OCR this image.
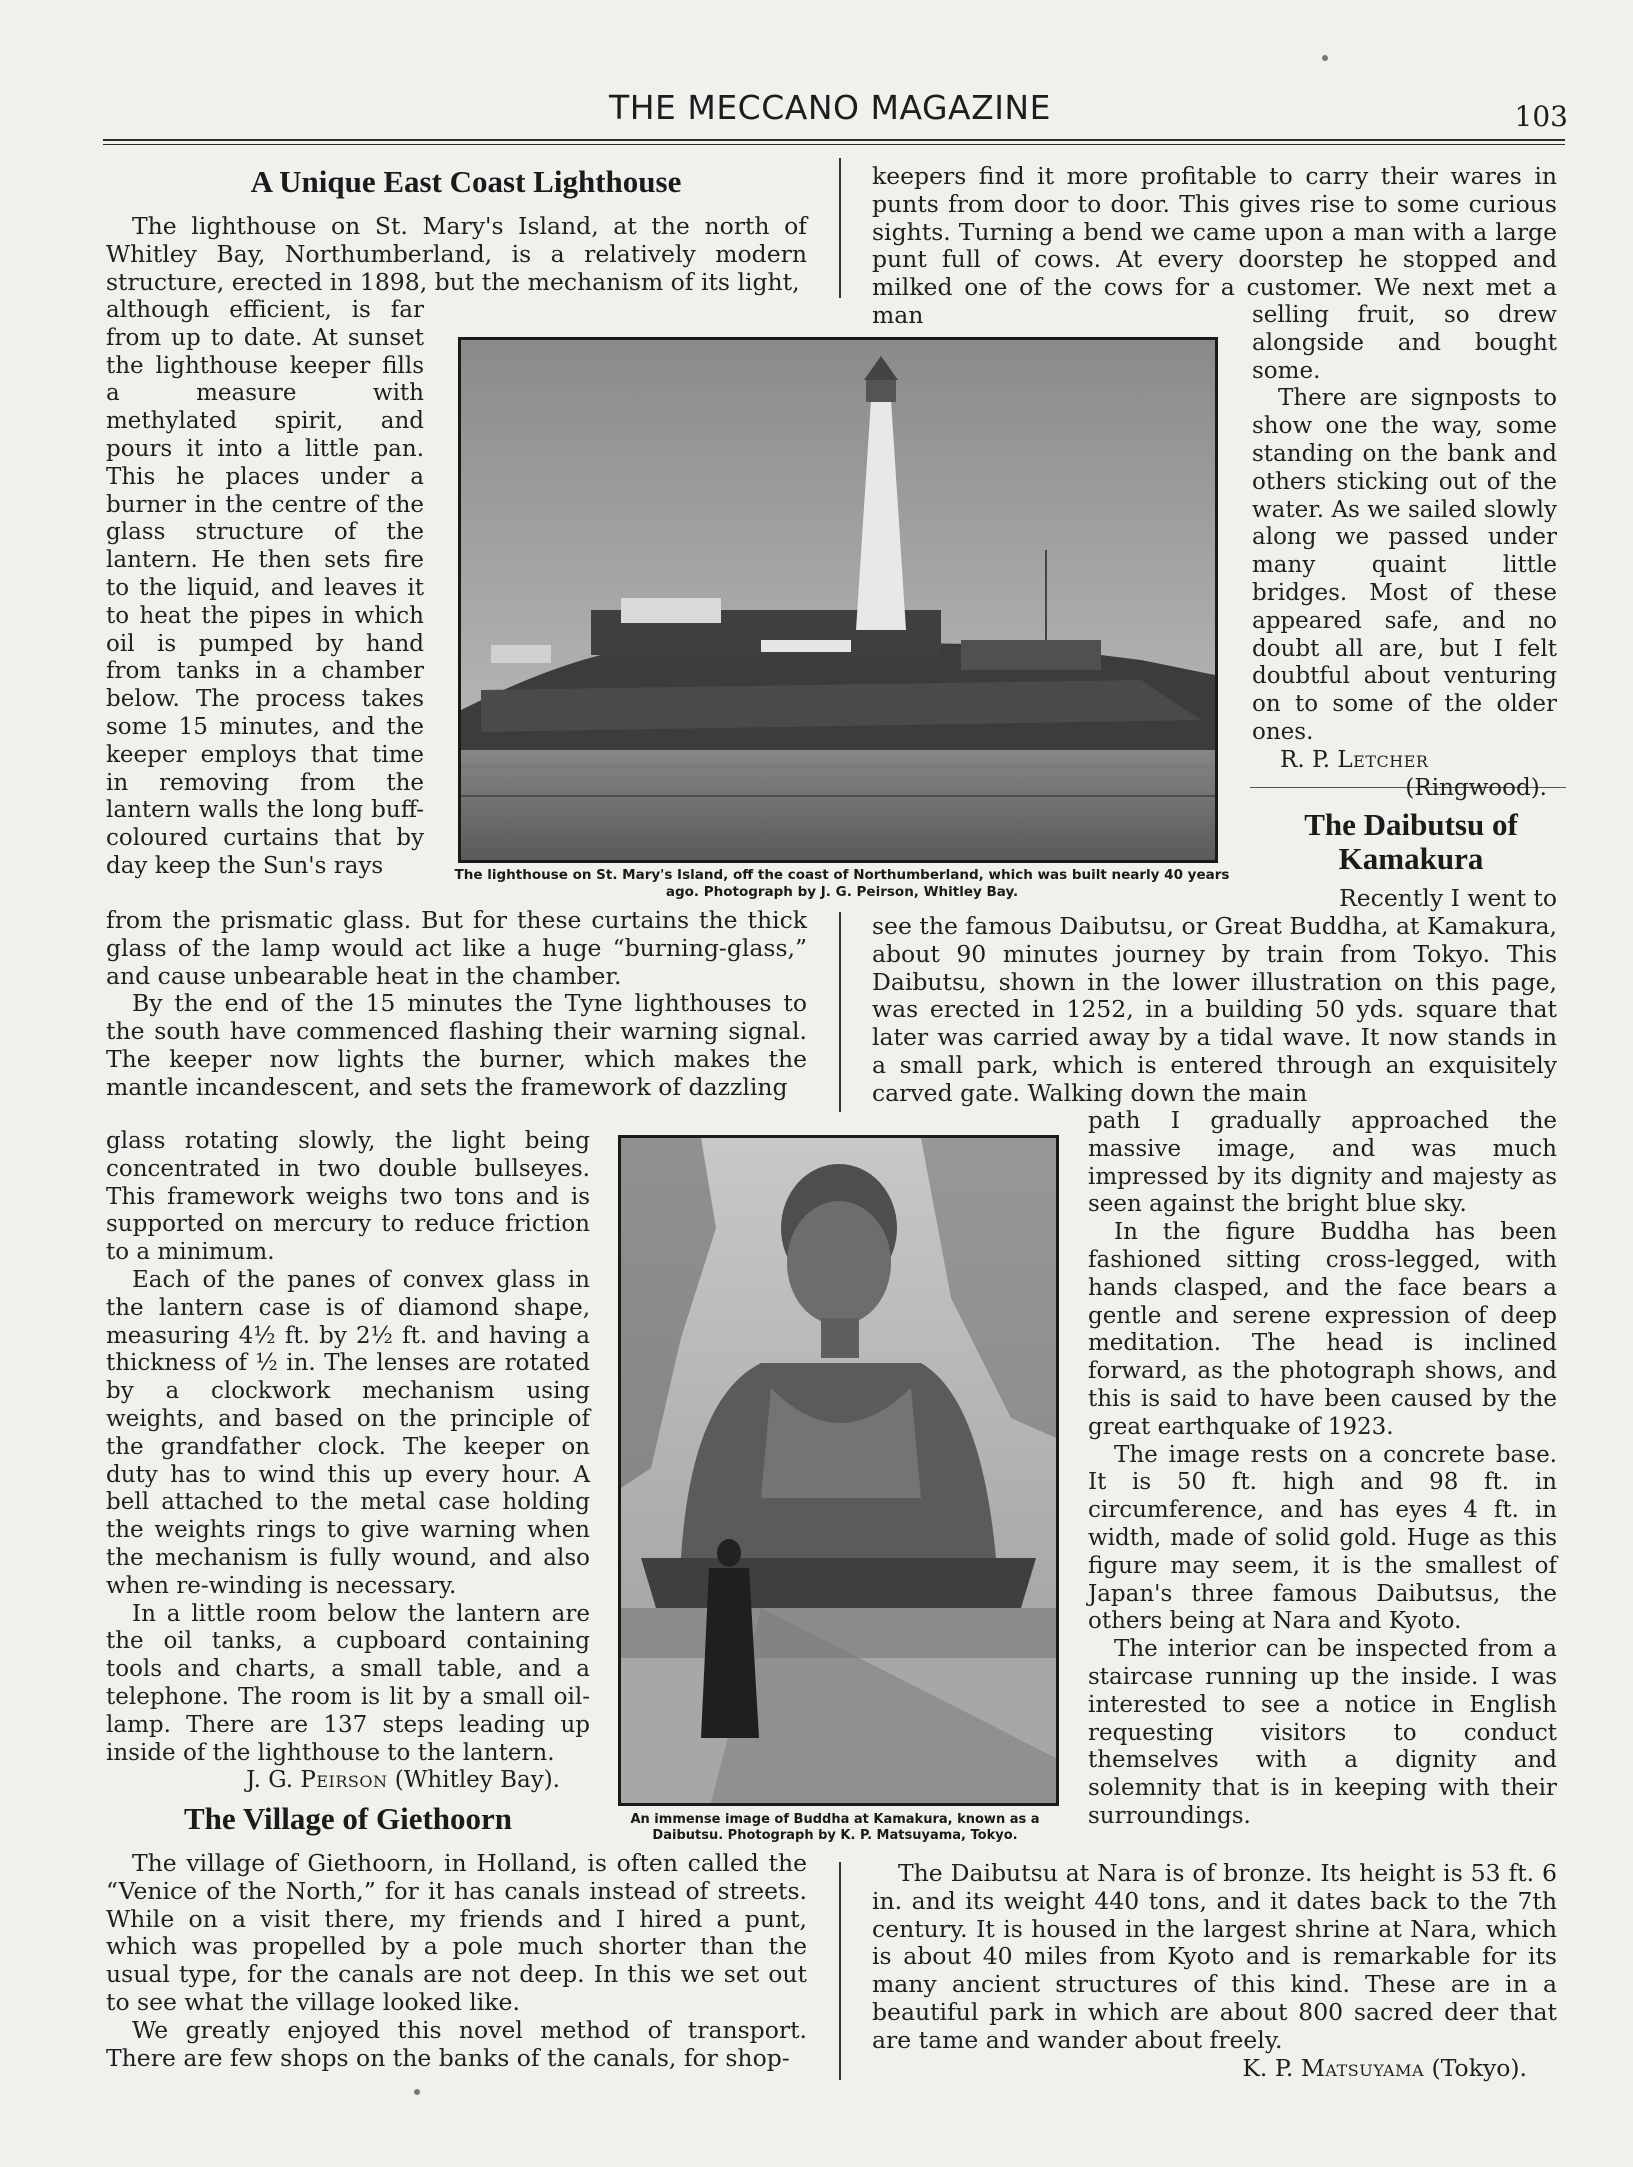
THE MECCANO MAGAZINE	103
A Unique East Coast Lighthouse

The lighthouse on St. Mary's Island, at the north of Whitley Bay, Northumberland, is a relatively modern structure, erected in 1898, but the mechanism of its light,

although efficient, is far from up to date. At sunset the lighthouse keeper fills a measure with methylated spirit, and pours it into a little pan. This he places under a burner in the centre of the glass structure of the lantern. He then sets fire to the liquid, and leaves it to heat the pipes in which oil is pumped by hand from tanks in a chamber below. The process takes some 15 minutes, and the keeper employs that time in removing from the lantern walls the long buff-coloured curtains that by day keep the Sun's rays

from the prismatic glass. But for these curtains the thick glass of the lamp would act like a huge “burning-glass,” and cause unbearable heat in the chamber.

By the end of the 15 minutes the Tyne lighthouses to the south have commenced flashing their warning signal. The keeper now lights the burner, which makes the mantle incandescent, and sets the framework of dazzling

glass rotating slowly, the light being concentrated in two double bullseyes. This framework weighs two tons and is supported on mercury to reduce friction to a minimum.

Each of the panes of convex glass in the lantern case is of diamond shape, measuring 4½ ft. by 2½ ft. and having a thickness of ½ in. The lenses are rotated by a clockwork mechanism using weights, and based on the principle of the grandfather clock. The keeper on duty has to wind this up every hour. A bell attached to the metal case holding the weights rings to give warning when the mechanism is fully wound, and also when re-winding is necessary.

In a little room below the lantern are the oil tanks, a cupboard containing tools and charts, a small table, and a telephone. The room is lit by a small oil-lamp. There are 137 steps leading up inside of the lighthouse to the lantern.

J. G. Peirson (Whitley Bay).
The lighthouse on St. Mary's Island, off the coast of Northumberland, which was built nearly 40 years ago. Photograph by J. G. Peirson, Whitley Bay.
The Village of Giethoorn

The village of Giethoorn, in Holland, is often called the “Venice of the North,” for it has canals instead of streets. While on a visit there, my friends and I hired a punt, which was propelled by a pole much shorter than the usual type, for the canals are not deep. In this we set out to see what the village looked like.

We greatly enjoyed this novel method of transport. There are few shops on the banks of the canals, for shop-

keepers find it more profitable to carry their wares in punts from door to door. This gives rise to some curious sights. Turning a bend we came upon a man with a large punt full of cows. At every doorstep he stopped and milked one of the cows for a customer. We next met a man	selling fruit, so drew alongside and bought some.

There are signposts to show one the way, some standing on the bank and others sticking out of the water. As we sailed slowly along we passed under many quaint little bridges. Most of these appeared safe, and no doubt all are, but I felt doubtful about venturing on to some of the older ones.

R. P. Letcher
(Ringwood).
The Daibutsu of
Kamakura

Recently I went to

see the famous Daibutsu, or Great Buddha, at Kamakura, about 90 minutes journey by train from Tokyo. This Daibutsu, shown in the lower illustration on this page, was erected in 1252, in a building 50 yds. square that later was carried away by a tidal wave. It now stands in a small park, which is entered through an exquisitely carved gate. Walking down the main

path I gradually approached the massive image, and was much impressed by its dignity and majesty as seen against the bright blue sky.

In the figure Buddha has been fashioned sitting cross-legged, with hands clasped, and the face bears a gentle and serene expression of deep meditation. The head is inclined forward, as the photograph shows, and this is said to have been caused by the great earthquake of 1923.

The image rests on a concrete base. It is 50 ft. high and 98 ft. in circumference, and has eyes 4 ft. in width, made of solid gold. Huge as this figure may seem, it is the smallest of Japan's three famous Daibutsus, the others being at Nara and Kyoto.

The interior can be inspected from a staircase running up the inside. I was interested to see a notice in English requesting visitors to conduct themselves with a dignity and solemnity that is in keeping with their surroundings.

The Daibutsu at Nara is of bronze. Its height is 53 ft. 6 in. and its weight 440 tons, and it dates back to the 7th century. It is housed in the largest shrine at Nara, which is about 40 miles from Kyoto and is remarkable for its many ancient structures of this kind. These are in a beautiful park in which are about 800 sacred deer that are tame and wander about freely.

K. P. Matsuyama (Tokyo).
An immense image of Buddha at Kamakura, known as a Daibutsu. Photograph by K. P. Matsuyama, Tokyo.
